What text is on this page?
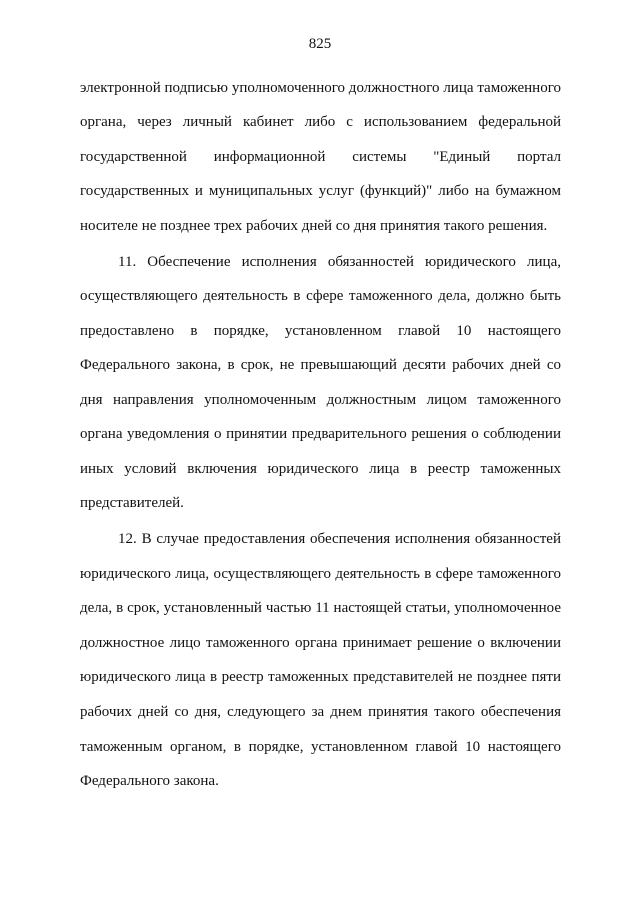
825
электронной подписью уполномоченного должностного лица таможенного
органа, через личный кабинет либо с использованием федеральной
государственной информационной системы "Единый портал
государственных и муниципальных услуг (функций)" либо на бумажном
носителе не позднее трех рабочих дней со дня принятия такого решения.
11. Обеспечение исполнения обязанностей юридического лица,
осуществляющего деятельность в сфере таможенного дела, должно быть
предоставлено в порядке, установленном главой 10 настоящего
Федерального закона, в срок, не превышающий десяти рабочих дней со
дня направления уполномоченным должностным лицом таможенного
органа уведомления о принятии предварительного решения о соблюдении
иных условий включения юридического лица в реестр таможенных
представителей.
12. В случае предоставления обеспечения исполнения обязанностей
юридического лица, осуществляющего деятельность в сфере таможенного
дела, в срок, установленный частью 11 настоящей статьи, уполномоченное
должностное лицо таможенного органа принимает решение о включении
юридического лица в реестр таможенных представителей не позднее пяти
рабочих дней со дня, следующего за днем принятия такого обеспечения
таможенным органом, в порядке, установленном главой 10 настоящего
Федерального закона.
